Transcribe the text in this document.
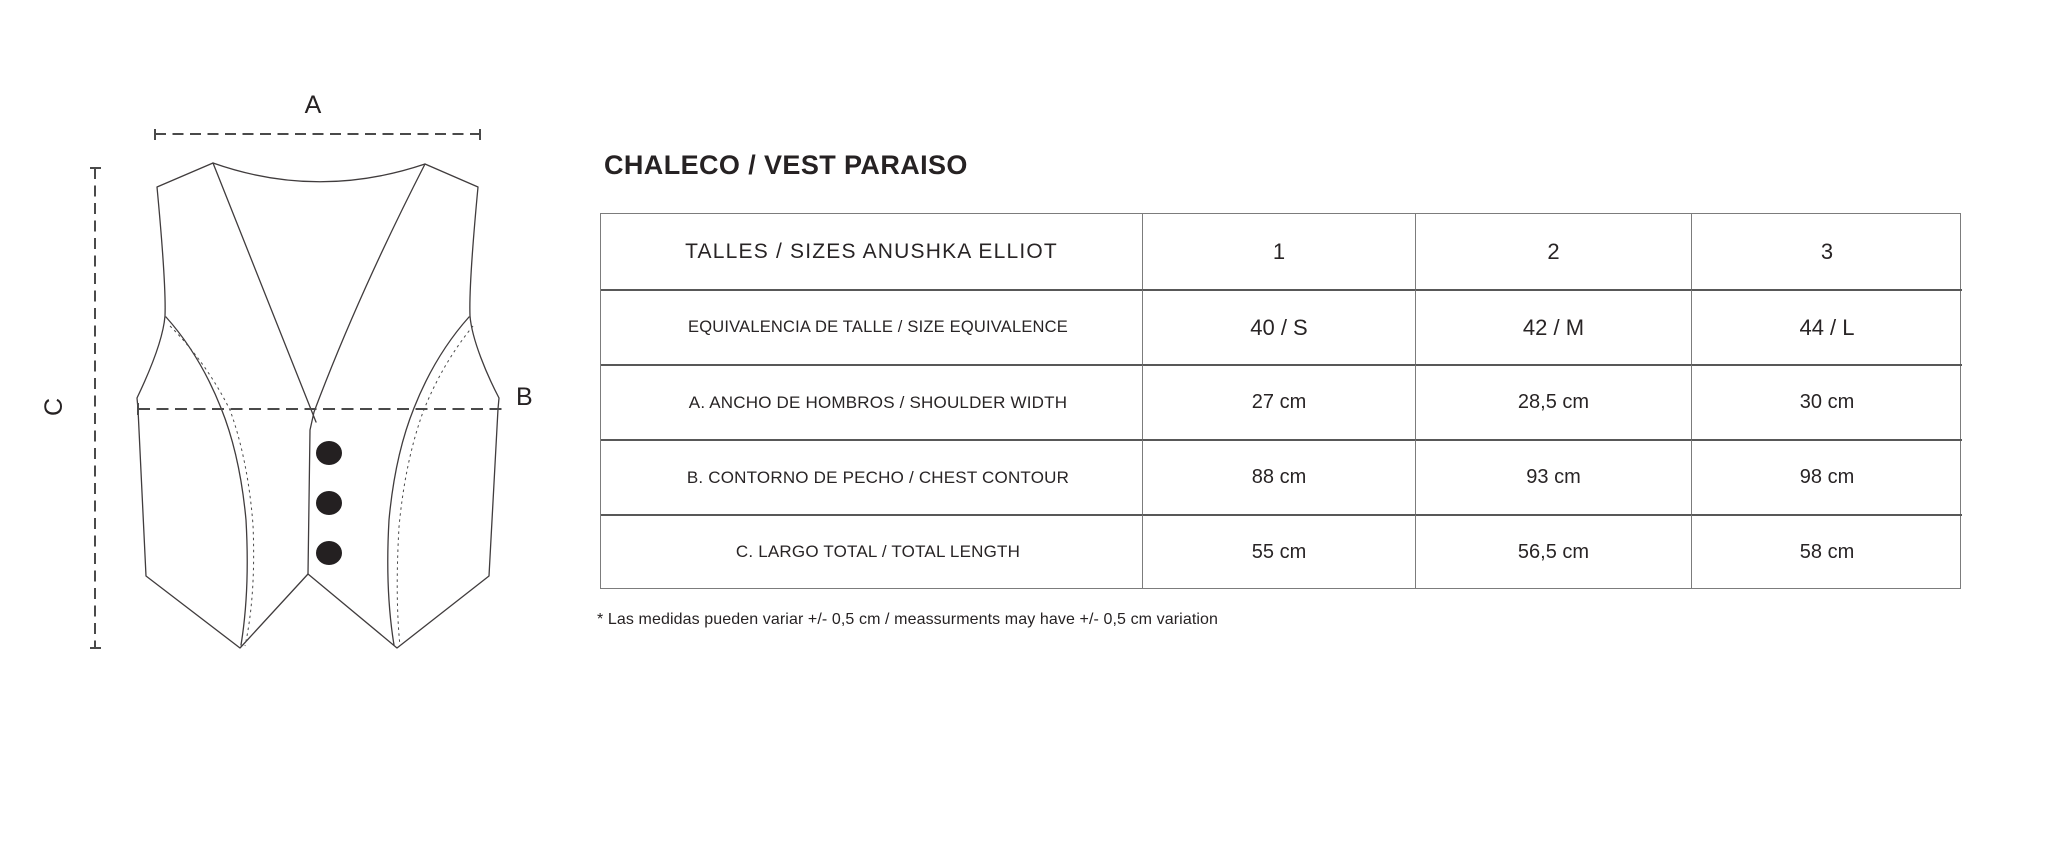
A
B
C
CHALECO / VEST PARAISO
TALLES / SIZES ANUSHKA ELLIOT	1	2	3
EQUIVALENCIA DE TALLE / SIZE EQUIVALENCE	40 / S	42 / M	44 / L
A. ANCHO DE HOMBROS / SHOULDER WIDTH	27 cm	28,5 cm	30 cm
B. CONTORNO DE PECHO / CHEST CONTOUR	88 cm	93 cm	98 cm
C. LARGO TOTAL / TOTAL LENGTH	55 cm	56,5 cm	58 cm
* Las medidas pueden variar +/- 0,5 cm / meassurments may have +/- 0,5 cm variation
